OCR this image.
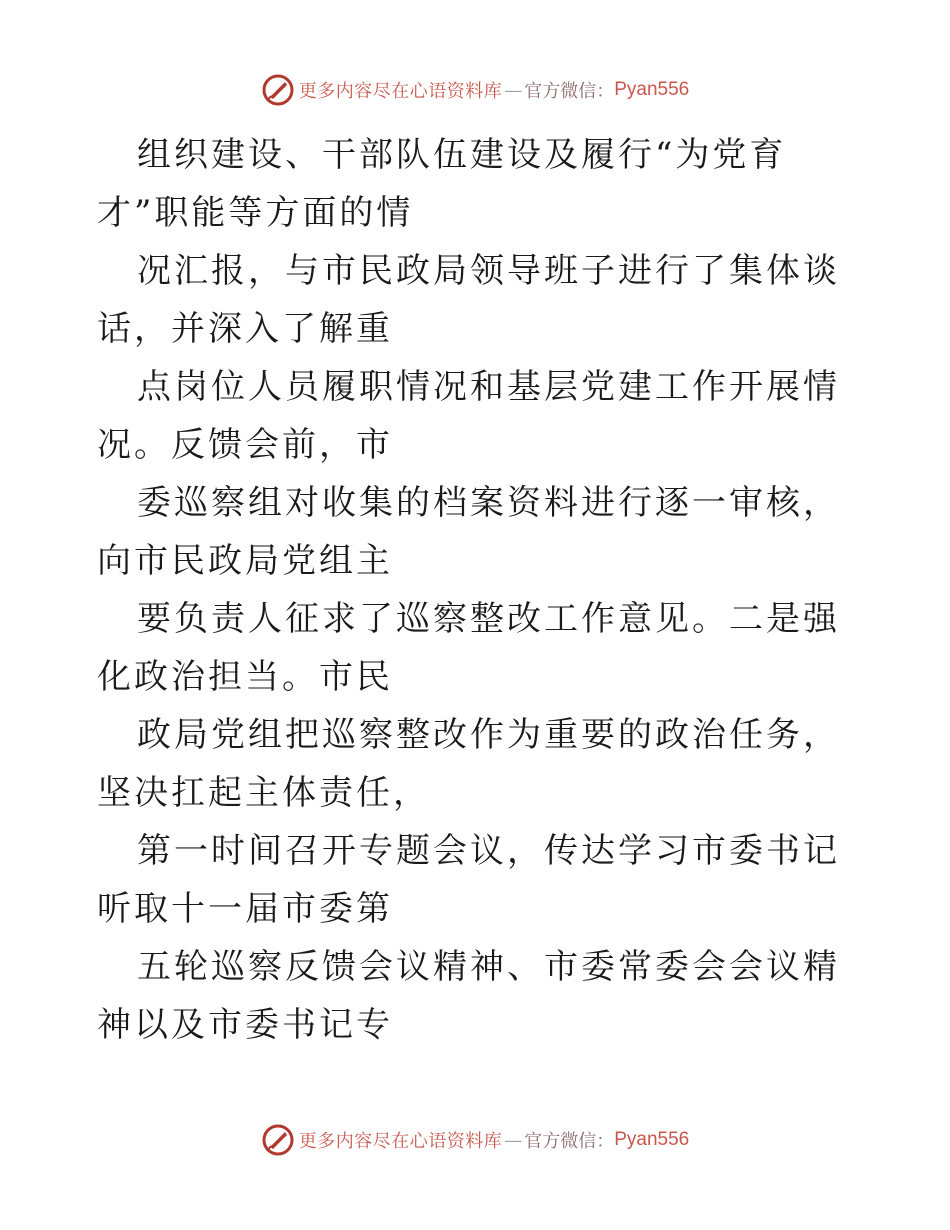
更多内容尽在心语资料库 — 官方微信： Pyan556

组织建设、干部队伍建设及履行“为党育才”职能等方面的情

况汇报，与市民政局领导班子进行了集体谈话，并深入了解重

点岗位人员履职情况和基层党建工作开展情况。反馈会前，市

委巡察组对收集的档案资料进行逐一审核，向市民政局党组主

要负责人征求了巡察整改工作意见。二是强化政治担当。市民

政局党组把巡察整改作为重要的政治任务，坚决扛起主体责任，

第一时间召开专题会议，传达学习市委书记听取十一届市委第

五轮巡察反馈会议精神、市委常委会会议精神以及市委书记专

更多内容尽在心语资料库 — 官方微信： Pyan556
